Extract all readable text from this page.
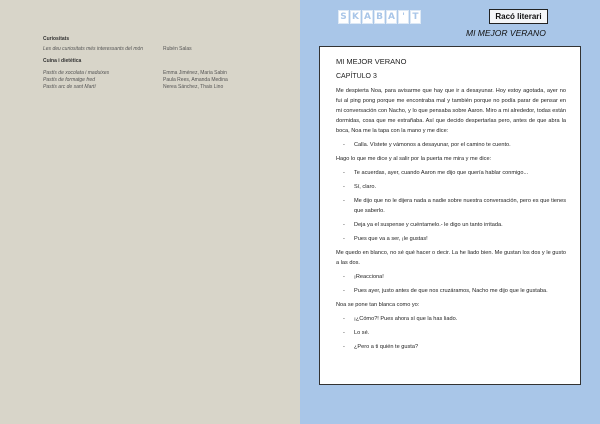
Curiositats
Les deu curiositats més interessants del món	Rubén Salas
Cuina i dietètica
Pastís de xocolata i maduixes	Emma Jiménez, Maria Sabin
Pastís de formatge fred	Paula Rees, Amanda Medina
Pastís arc de sant Martí	Nerea Sánchez, Thais Lino
S K A B A ' T	Racó literari
MI MEJOR VERANO

MI MEJOR VERANO

CAPÍTULO 3

Me despierta Noa, para avisarme que hay que ir a desayunar. Hoy estoy agotada, ayer no fui al ping pong porque me encontraba mal y también porque no podía parar de pensar en mi conversación con Nacho, y lo que pensaba sobre Aaron. Miro a mi alrededor, todas están dormidas, cosa que me extrañaba. Así que decido despertarlas pero, antes de que abra la boca, Noa me la tapa con la mano y me dice:

- Calla. Vístete y vámonos a desayunar, por el camino te cuento.

Hago lo que me dice y al salir por la puerta me mira y me dice:

- Te acuerdas, ayer, cuando Aaron me dijo que quería hablar conmigo...
- Sí, claro.
- Me dijo que no le dijera nada a nadie sobre nuestra conversación, pero es que tienes que saberlo.
- Deja ya el suspense y cuéntamelo.- le digo un tanto irritada.
- Pues que va a ser, ¡le gustas!

Me quedo en blanco, no sé qué hacer o decir. La he liado bien. Me gustan los dos y le gusto a las dos.

- ¡Reacciona!
- Pues ayer, justo antes de que nos cruzáramos, Nacho me dijo que le gustaba.

Noa se pone tan blanca como yo:

- ¡¿Cómo?! Pues ahora sí que la has liado.
- Lo sé.
- ¿Pero a ti quién te gusta?
